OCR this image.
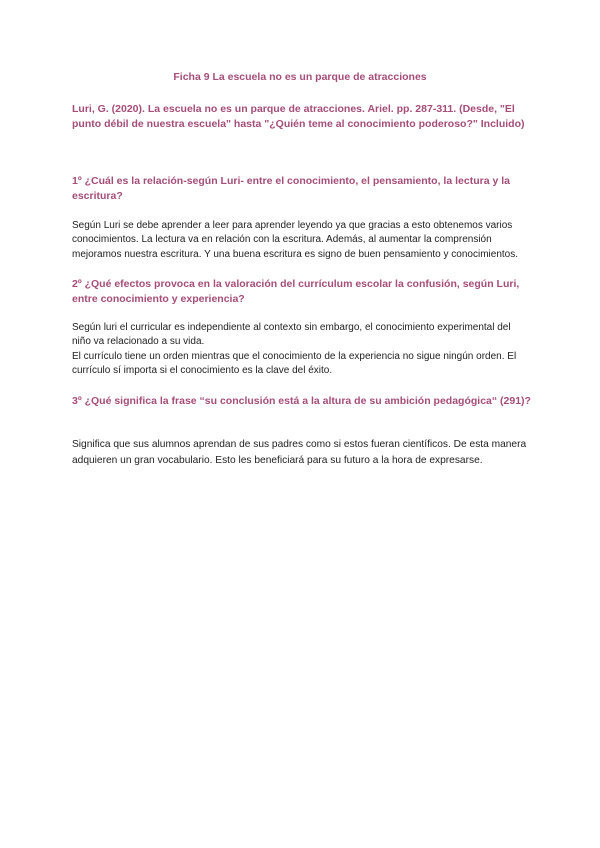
Ficha 9 La escuela no es un parque de atracciones

Luri, G. (2020). La escuela no es un parque de atracciones. Ariel. pp. 287-311. (Desde, "El punto débil de nuestra escuela" hasta "¿Quién teme al conocimiento poderoso?" Incluido)

1º ¿Cuál es la relación-según Luri- entre el conocimiento, el pensamiento, la lectura y la escritura?

Según Luri se debe aprender a leer para aprender leyendo ya que gracias a esto obtenemos varios conocimientos. La lectura va en relación con la escritura. Además, al aumentar la comprensión mejoramos nuestra escritura. Y una buena escritura es signo de buen pensamiento y conocimientos.

2º ¿Qué efectos provoca en la valoración del currículum escolar la confusión, según Luri, entre conocimiento y experiencia?

Según luri el curricular es independiente al contexto sin embargo, el conocimiento experimental del niño va relacionado a su vida.

El currículo tiene un orden mientras que el conocimiento de la experiencia no sigue ningún orden. El currículo sí importa si el conocimiento es la clave del éxito.

3º ¿Qué significa la frase “su conclusión está a la altura de su ambición pedagógica“ (291)?

Significa que sus alumnos aprendan de sus padres como si estos fueran científicos. De esta manera adquieren un gran vocabulario. Esto les beneficiará para su futuro a la hora de expresarse.
